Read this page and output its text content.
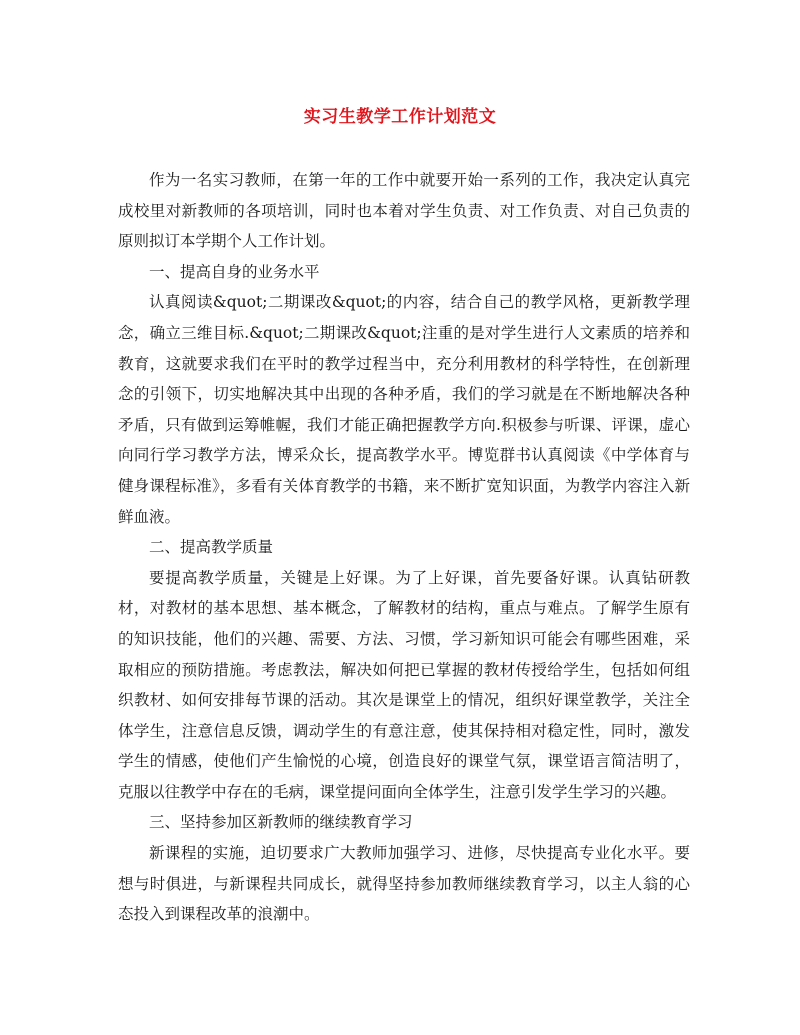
实习生教学工作计划范文

作为一名实习教师，在第一年的工作中就要开始一系列的工作，我决定认真完成校里对新教师的各项培训，同时也本着对学生负责、对工作负责、对自己负责的原则拟订本学期个人工作计划。

一、提高自身的业务水平

认真阅读&quot;二期课改&quot;的内容，结合自己的教学风格，更新教学理念，确立三维目标.&quot;二期课改&quot;注重的是对学生进行人文素质的培养和教育，这就要求我们在平时的教学过程当中，充分利用教材的科学特性，在创新理念的引领下，切实地解决其中出现的各种矛盾，我们的学习就是在不断地解决各种矛盾，只有做到运筹帷幄，我们才能正确把握教学方向.积极参与听课、评课，虚心向同行学习教学方法，博采众长，提高教学水平。博览群书认真阅读《中学体育与健身课程标准》，多看有关体育教学的书籍，来不断扩宽知识面，为教学内容注入新鲜血液。

二、提高教学质量

要提高教学质量，关键是上好课。为了上好课，首先要备好课。认真钻研教材，对教材的基本思想、基本概念，了解教材的结构，重点与难点。了解学生原有的知识技能，他们的兴趣、需要、方法、习惯，学习新知识可能会有哪些困难，采取相应的预防措施。考虑教法，解决如何把已掌握的教材传授给学生，包括如何组织教材、如何安排每节课的活动。其次是课堂上的情况，组织好课堂教学，关注全体学生，注意信息反馈，调动学生的有意注意，使其保持相对稳定性，同时，激发学生的情感，使他们产生愉悦的心境，创造良好的课堂气氛，课堂语言简洁明了，克服以往教学中存在的毛病，课堂提问面向全体学生，注意引发学生学习的兴趣。

三、坚持参加区新教师的继续教育学习

新课程的实施，迫切要求广大教师加强学习、进修，尽快提高专业化水平。要想与时俱进，与新课程共同成长，就得坚持参加教师继续教育学习，以主人翁的心态投入到课程改革的浪潮中。
